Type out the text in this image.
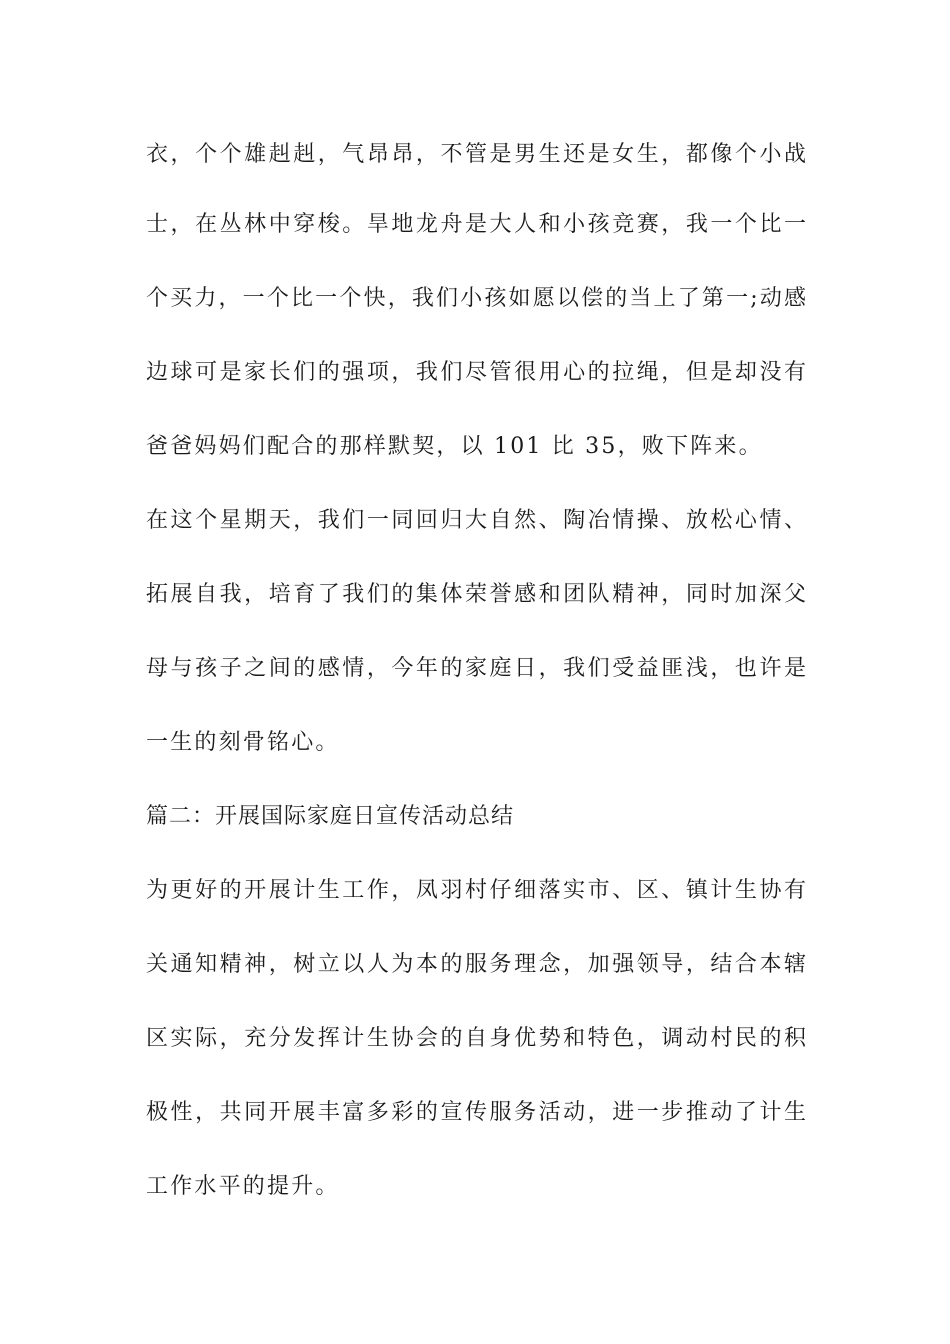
衣，个个雄赳赳，气昂昂，不管是男生还是女生，都像个小战
士，在丛林中穿梭。旱地龙舟是大人和小孩竞赛，我一个比一
个买力，一个比一个快，我们小孩如愿以偿的当上了第一;动感
边球可是家长们的强项，我们尽管很用心的拉绳，但是却没有
爸爸妈妈们配合的那样默契，以 101 比 35，败下阵来。
在这个星期天，我们一同回归大自然、陶冶情操、放松心情、
拓展自我，培育了我们的集体荣誉感和团队精神，同时加深父
母与孩子之间的感情，今年的家庭日，我们受益匪浅，也许是
一生的刻骨铭心。
篇二：开展国际家庭日宣传活动总结
为更好的开展计生工作，凤羽村仔细落实市、区、镇计生协有
关通知精神，树立以人为本的服务理念，加强领导，结合本辖
区实际，充分发挥计生协会的自身优势和特色，调动村民的积
极性，共同开展丰富多彩的宣传服务活动，进一步推动了计生
工作水平的提升。
